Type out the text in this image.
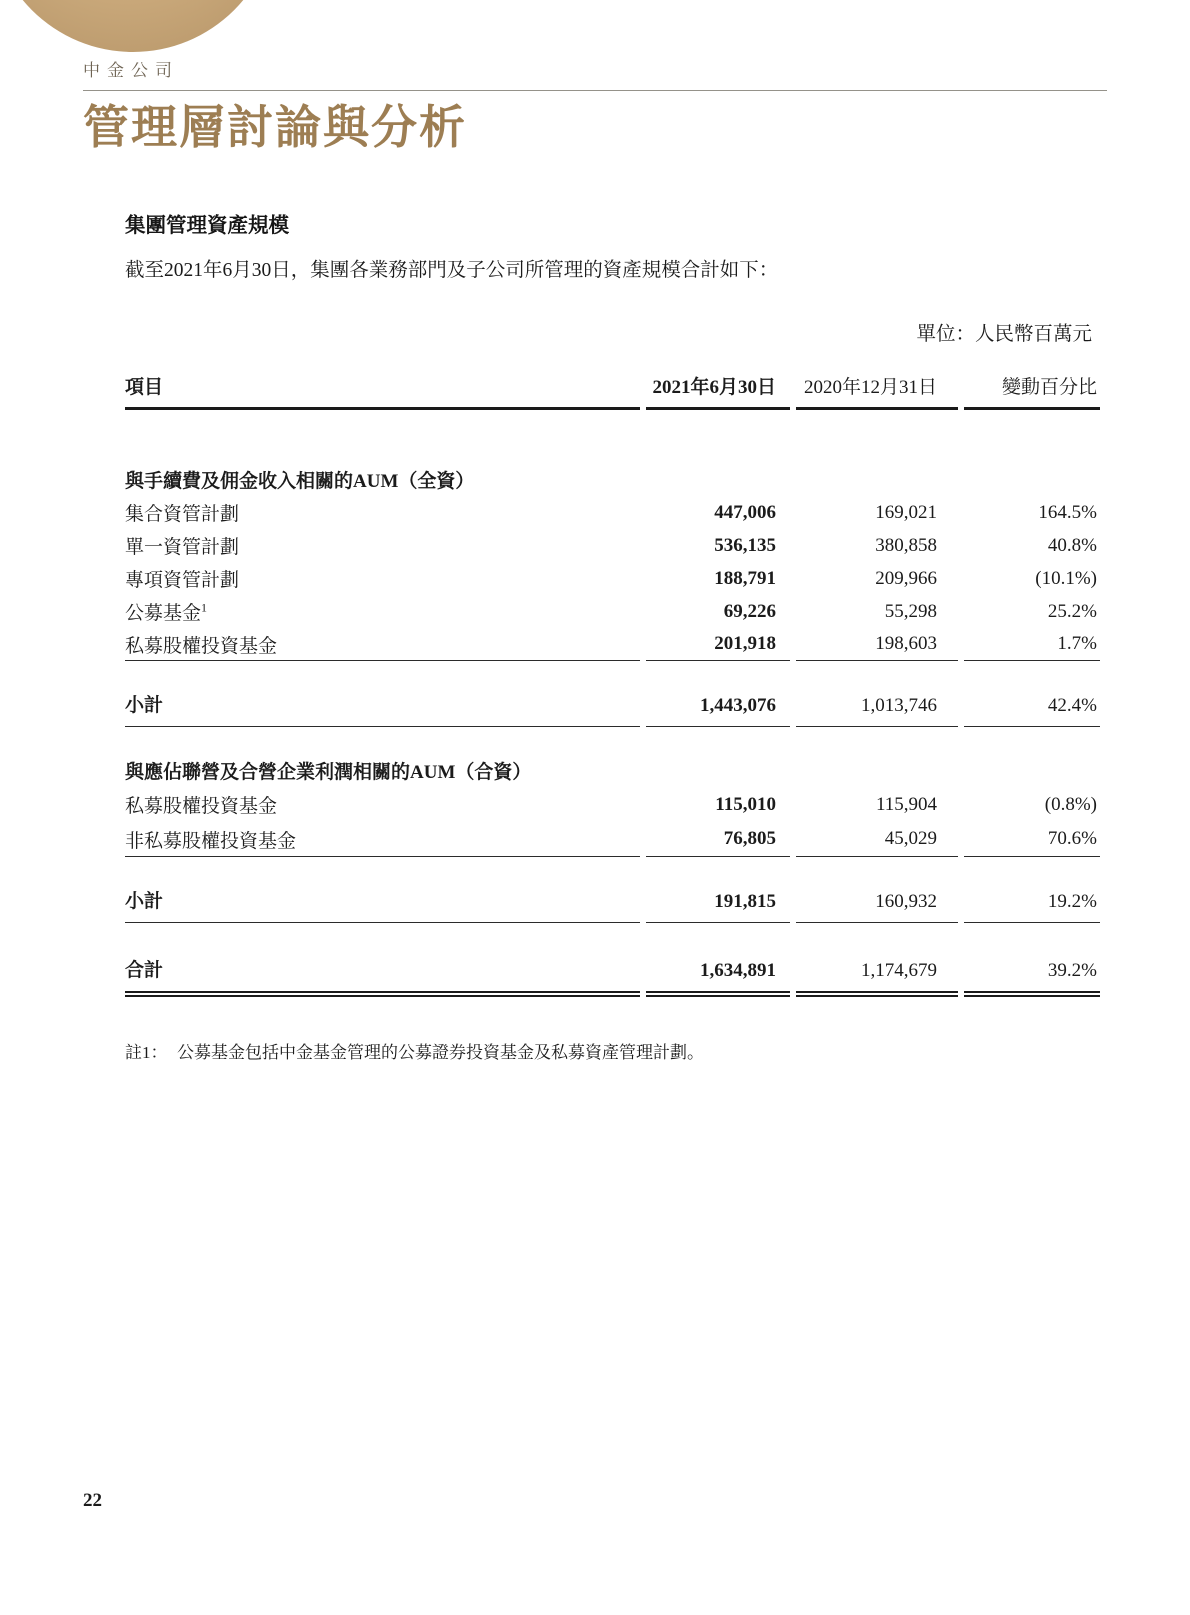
中金公司
管理層討論與分析
集團管理資產規模

截至2021年6月30日，集團各業務部門及子公司所管理的資產規模合計如下：

單位：人民幣百萬元
項目	2021年6月30日	2020年12月31日	變動百分比

與手續費及佣金收入相關的AUM（全資）			
集合資管計劃	447,006	169,021	164.5%
單一資管計劃	536,135	380,858	40.8%
專項資管計劃	188,791	209,966	(10.1%)
公募基金$^1$	69,226	55,298	25.2%
私募股權投資基金	201,918	198,603	1.7%

小計	1,443,076	1,013,746	42.4%

與應佔聯營及合營企業利潤相關的AUM（合資）			
私募股權投資基金	115,010	115,904	(0.8%)
非私募股權投資基金	76,805	45,029	70.6%

小計	191,815	160,932	19.2%

合計	1,634,891	1,174,679	39.2%
註1： 公募基金包括中金基金管理的公募證券投資基金及私募資產管理計劃。
22
